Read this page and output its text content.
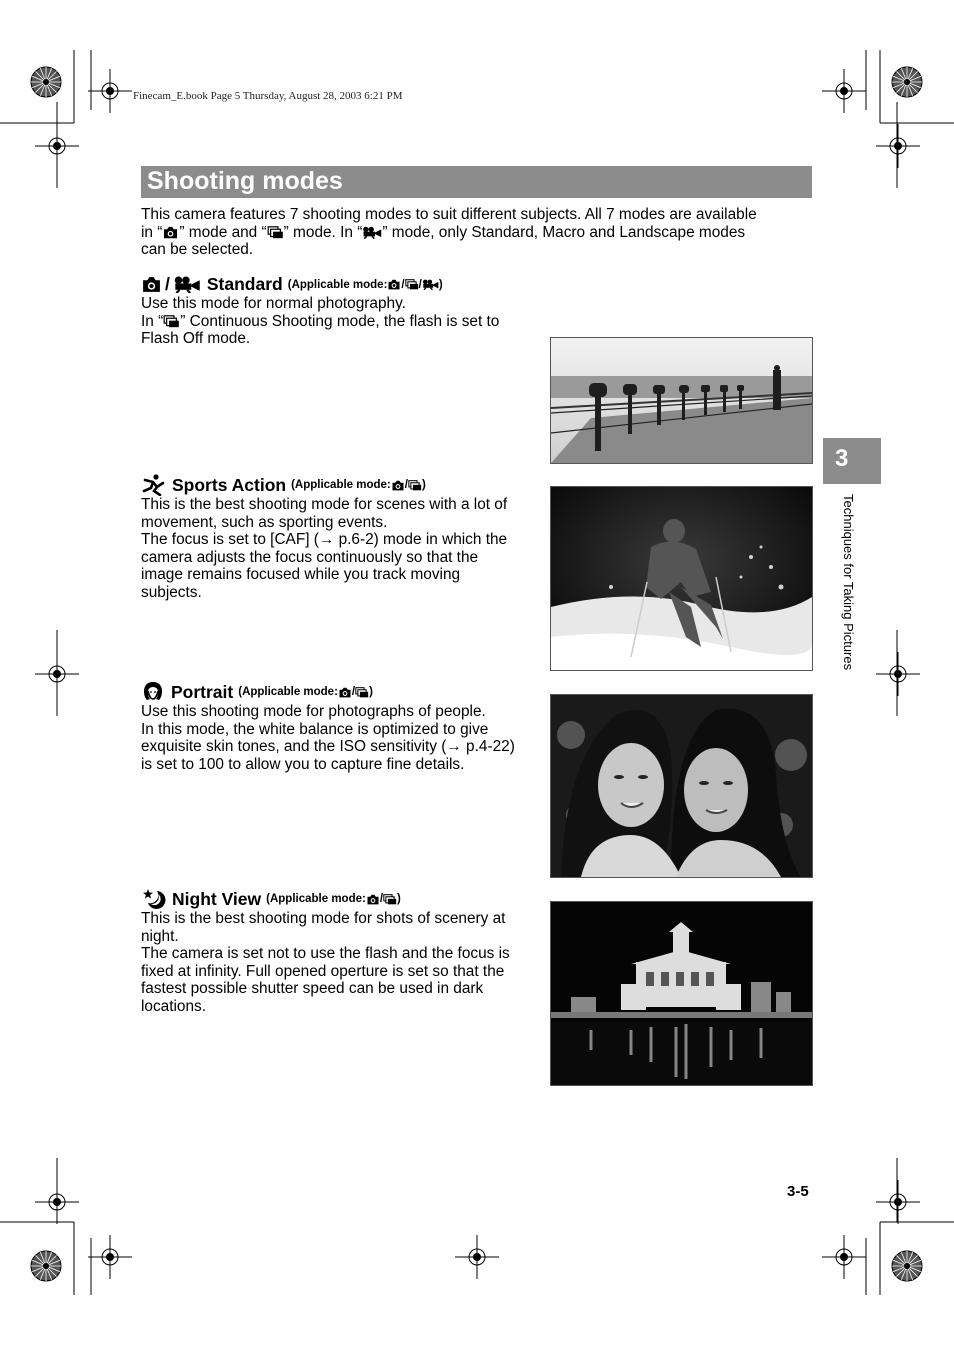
Finecam_E.book Page 5 Thursday, August 28, 2003 6:21 PM
Shooting modes
This camera features 7 shooting modes to suit different subjects. All 7 modes are available
in “ ” mode and “ ” mode. In “ ” mode, only Standard, Macro and Landscape modes
can be selected.
/ Standard (Applicable mode: / / )
Use this mode for normal photography.
In “ ” Continuous Shooting mode, the flash is set to
Flash Off mode.
Sports Action (Applicable mode: / )
This is the best shooting mode for scenes with a lot of
movement, such as sporting events.
The focus is set to [CAF] (→ p.6-2) mode in which the
camera adjusts the focus continuously so that the
image remains focused while you track moving
subjects.
Portrait (Applicable mode: / )
Use this shooting mode for photographs of people.
In this mode, the white balance is optimized to give
exquisite skin tones, and the ISO sensitivity (→ p.4-22)
is set to 100 to allow you to capture fine details.
Night View (Applicable mode: / )
This is the best shooting mode for shots of scenery at
night.
The camera is set not to use the flash and the focus is
fixed at infinity. Full opened operture is set so that the
fastest possible shutter speed can be used in dark
locations.
3
Techniques for Taking Pictures
3-5
